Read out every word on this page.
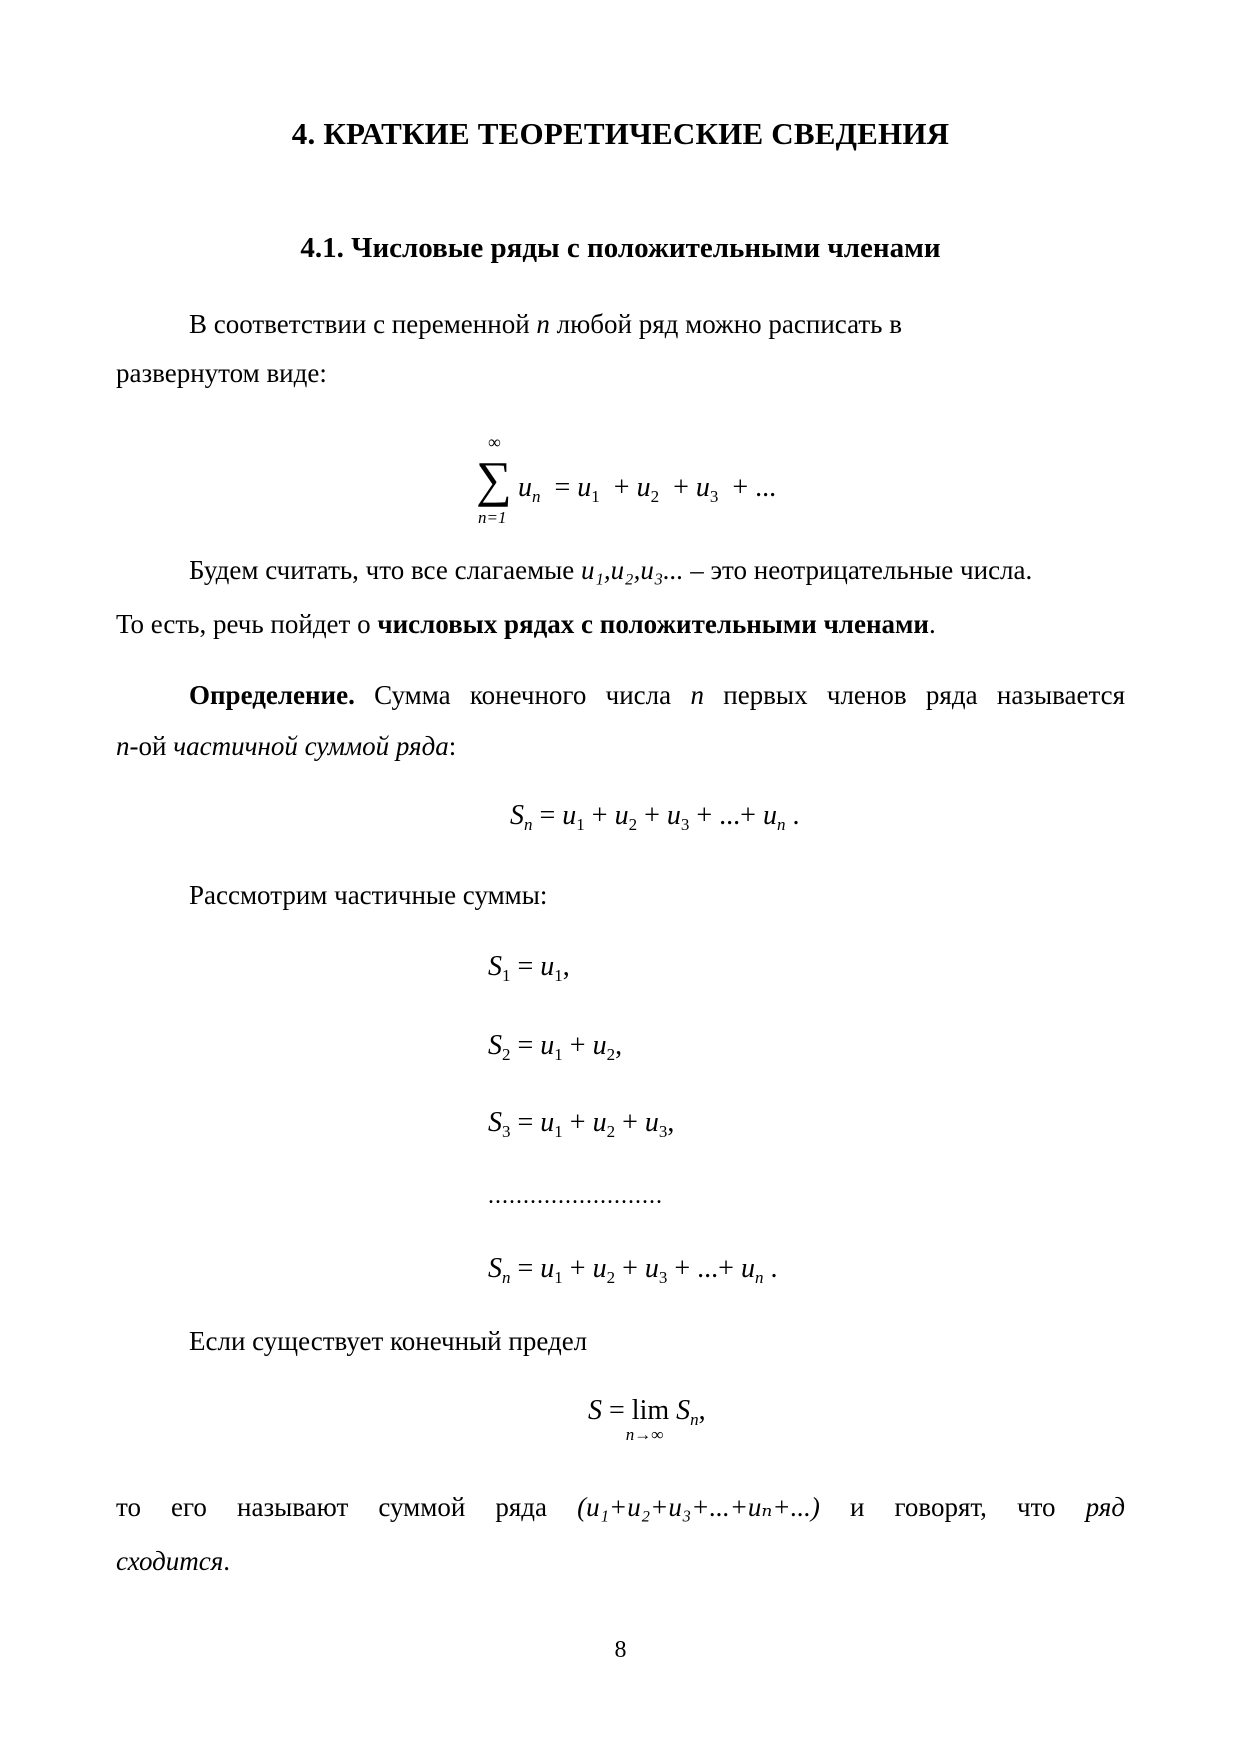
4. КРАТКИЕ ТЕОРЕТИЧЕСКИЕ СВЕДЕНИЯ
4.1. Числовые ряды с положительными членами
В соответствии с переменной n любой ряд можно расписать в
развернутом виде:
∞
∑
n=1
$u_n = u_1 + u_2 + u_3$ + ...
Будем считать, что все слагаемые u₁,u₂,u₃... – это неотрицательные числа.
То есть, речь пойдет о числовых рядах с положительными членами.
Определение. Сумма конечного числа n первых членов ряда называется
n-ой частичной суммой ряда:
$S_n = u_1 + u_2 + u_3$ + ...+ $u_n$ .
Рассмотрим частичные суммы:
$S_1 = u_1$,
$S_2 = u_1 + u_2$,
$S_3 = u_1 + u_2 + u_3$,
.........................
$S_n = u_1 + u_2 + u_3$ + ...+ $u_n$ .
Если существует конечный предел
S = lim
n→∞
$S_n$,
то его называют суммой ряда (u₁+u₂+u₃+...+uₙ+...) и говорят, что ряд
сходится.
8
